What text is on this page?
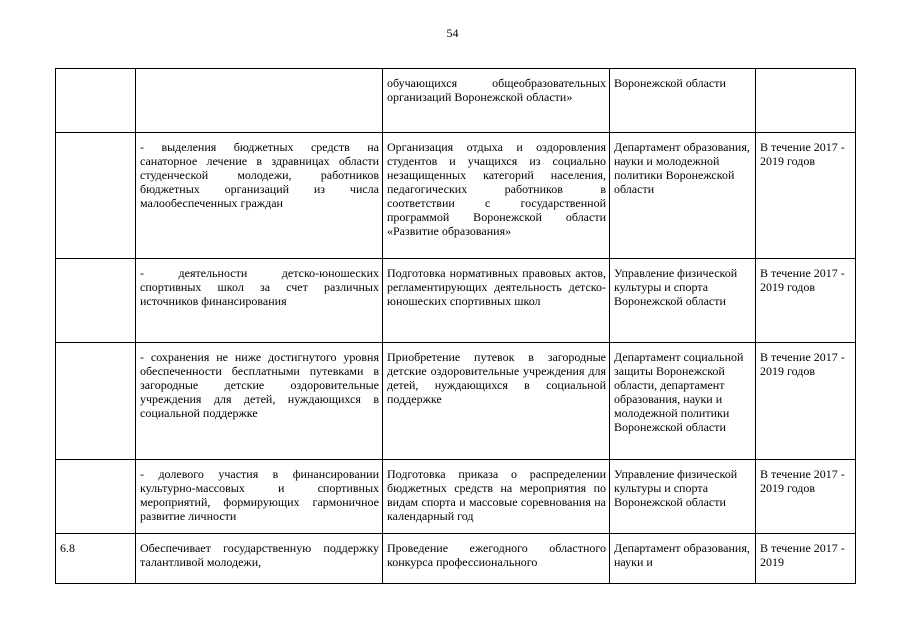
54
		обучающихся общеобразовательных организаций Воронежской области»	Воронежской области	
	- выделения бюджетных средств на санаторное лечение в здравницах области студенческой молодежи, работников бюджетных организаций из числа малообеспеченных граждан	Организация отдыха и оздоровления студентов и учащихся из социально незащищенных категорий населения, педагогических работников в соответствии с государственной программой Воронежской области «Развитие образования»	Департамент образования, науки и молодежной политики Воронежской области	В течение 2017 - 2019 годов
	- деятельности детско-юношеских спортивных школ за счет различных источников финансирования	Подготовка нормативных правовых актов, регламентирующих деятельность детско-юношеских спортивных школ	Управление физической культуры и спорта Воронежской области	В течение 2017 - 2019 годов
	- сохранения не ниже достигнутого уровня обеспеченности бесплатными путевками в загородные детские оздоровительные учреждения для детей, нуждающихся в социальной поддержке	Приобретение путевок в загородные детские оздоровительные учреждения для детей, нуждающихся в социальной поддержке	Департамент социальной защиты Воронежской области, департамент образования, науки и молодежной политики Воронежской области	В течение 2017 - 2019 годов
	- долевого участия в финансировании культурно-массовых и спортивных мероприятий, формирующих гармоничное развитие личности	Подготовка приказа о распределении бюджетных средств на мероприятия по видам спорта и массовые соревнования на календарный год	Управление физической культуры и спорта Воронежской области	В течение 2017 - 2019 годов
6.8	Обеспечивает государственную поддержку талантливой молодежи,	Проведение ежегодного областного конкурса профессионального	Департамент образования, науки и	В течение 2017 - 2019
